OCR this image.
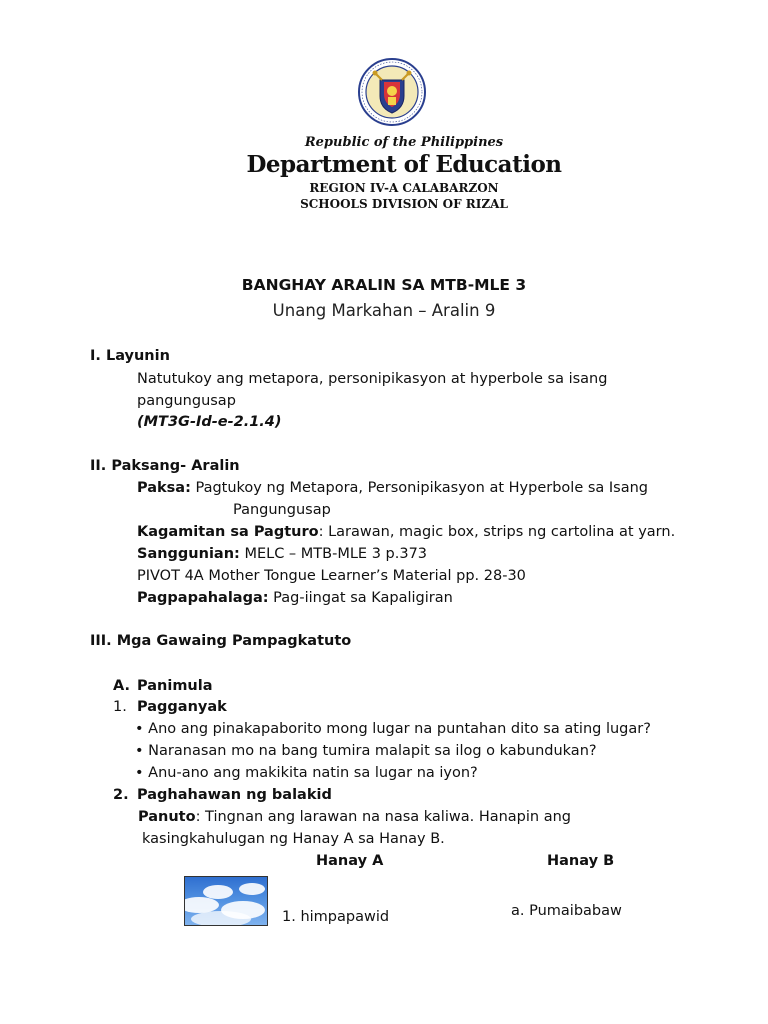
Republic of the Philippines
Department of Education
REGION IV-A CALABARZON
SCHOOLS DIVISION OF RIZAL
BANGHAY ARALIN SA MTB-MLE 3
Unang Markahan – Aralin 9
I. Layunin
Natutukoy ang metapora, personipikasyon at hyperbole sa isang
pangungusap
(MT3G-Id-e-2.1.4)
II. Paksang- Aralin
Paksa: Pagtukoy ng Metapora, Personipikasyon at Hyperbole sa Isang
Pangungusap
Kagamitan sa Pagturo: Larawan, magic box, strips ng cartolina at yarn.
Sanggunian: MELC – MTB-MLE 3 p.373
PIVOT 4A Mother Tongue Learner’s Material pp. 28-30
Pagpapahalaga: Pag-iingat sa Kapaligiran
III. Mga Gawaing Pampagkatuto
A. Panimula
1. Pagganyak
• Ano ang pinakapaborito mong lugar na puntahan dito sa ating lugar?
• Naranasan mo na bang tumira malapit sa ilog o kabundukan?
• Anu-ano ang makikita natin sa lugar na iyon?
2. Paghahawan ng balakid
Panuto: Tingnan ang larawan na nasa kaliwa. Hanapin ang
kasingkahulugan ng Hanay A sa Hanay B.
Hanay A	Hanay B
1. himpapawid	a. Pumaibabaw
